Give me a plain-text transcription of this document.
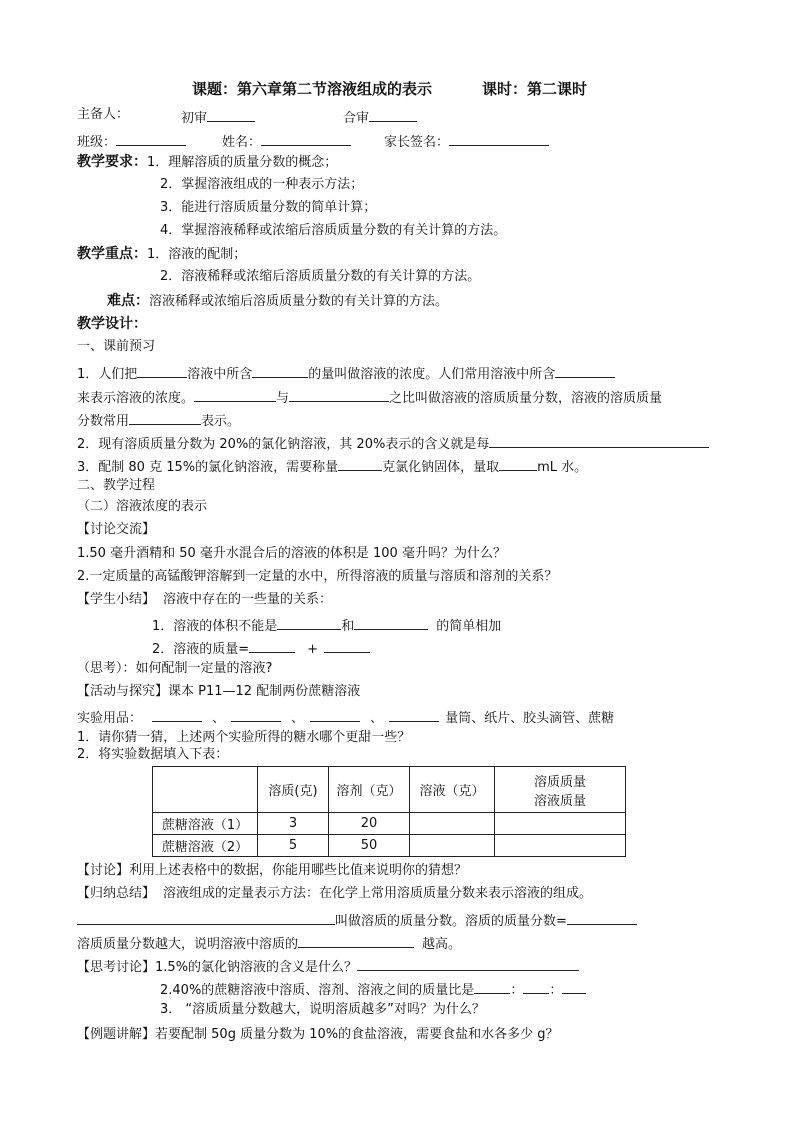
课题：第六章第二节溶液组成的表示	课时：第二课时
主备人：	初审	合审
班级：	姓名：	家长签名：
教学要求：1．理解溶质的质量分数的概念；
2．掌握溶液组成的一种表示方法；
3．能进行溶质质量分数的简单计算；
4．掌握溶液稀释或浓缩后溶质质量分数的有关计算的方法。
教学重点：1．溶液的配制；
2．溶液稀释或浓缩后溶质质量分数的有关计算的方法。
难点：溶液稀释或浓缩后溶质质量分数的有关计算的方法。
教学设计：
一、课前预习
1．人们把	溶液中所含	的量叫做溶液的浓度。人们常用溶液中所含
来表示溶液的浓度。	与	之比叫做溶液的溶质质量分数，溶液的溶质质量
分数常用	表示。
2．现有溶质质量分数为 20%的氯化钠溶液，其 20%表示的含义就是每
3．配制 80 克 15%的氯化钠溶液，需要称量	克氯化钠固体，量取	mL 水。
二、教学过程
（二）溶液浓度的表示
【讨论交流】
1.50 毫升酒精和 50 毫升水混合后的溶液的体积是 100 毫升吗？为什么？
2.一定质量的高锰酸钾溶解到一定量的水中，所得溶液的质量与溶质和溶剂的关系？
【学生小结】 溶液中存在的一些量的关系：
1．溶液的体积不能是	和	的简单相加
2．溶液的质量=	+
（思考）：如何配制一定量的溶液?
【活动与探究】课本 P11—12 配制两份蔗糖溶液
实验用品：	、	、	、	量筒、纸片、胶头滴管、蔗糖
1．请你猜一猜，上述两个实验所得的糖水哪个更甜一些？
2．将实验数据填入下表：
	溶质(克)	溶剂（克）	溶液（克）	溶质质量
溶液质量

蔗糖溶液（1）	3	20		
蔗糖溶液（2）	5	50		
【讨论】利用上述表格中的数据，你能用哪些比值来说明你的猜想？
【归纳总结】 溶液组成的定量表示方法：在化学上常用溶质质量分数来表示溶液的组成。
叫做溶质的质量分数。溶质的质量分数=
溶质质量分数越大，说明溶液中溶质的	越高。
【思考讨论】1.5%的氯化钠溶液的含义是什么？
2.40%的蔗糖溶液中溶质、溶剂、溶液之间的质量比是	： ：
3． “溶质质量分数越大，说明溶质越多”对吗？为什么？
【例题讲解】若要配制 50g 质量分数为 10%的食盐溶液，需要食盐和水各多少 g？
